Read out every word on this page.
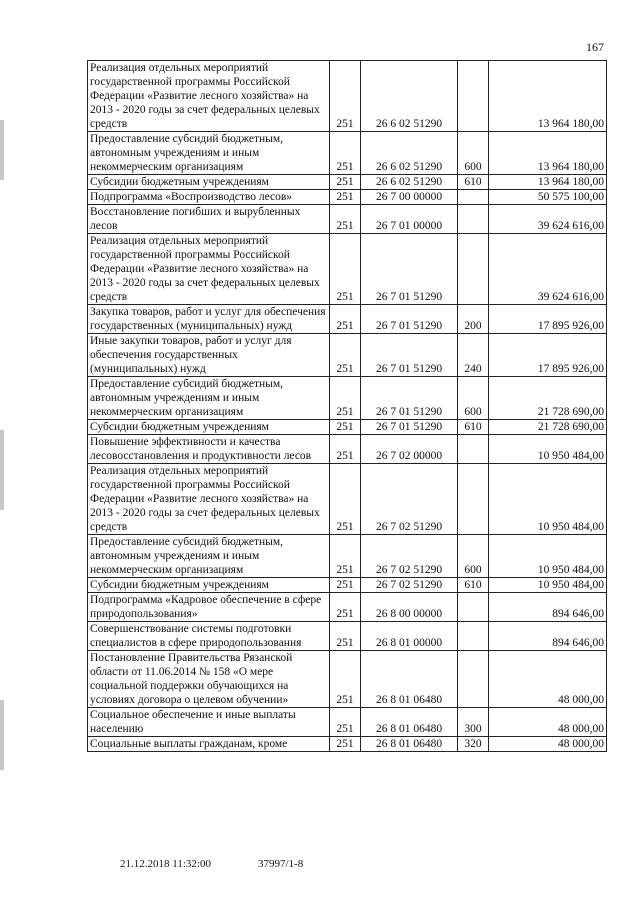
167
Реализация отдельных мероприятий государственной программы Российской Федерации «Развитие лесного хозяйства» на 2013 - 2020 годы за счет федеральных целевых средств	251	26 6 02 51290		13 964 180,00
Предоставление субсидий бюджетным, автономным учреждениям и иным некоммерческим организациям	251	26 6 02 51290	600	13 964 180,00
Субсидии бюджетным учреждениям	251	26 6 02 51290	610	13 964 180,00
Подпрограмма «Воспроизводство лесов»	251	26 7 00 00000		50 575 100,00
Восстановление погибших и вырубленных лесов	251	26 7 01 00000		39 624 616,00
Реализация отдельных мероприятий государственной программы Российской Федерации «Развитие лесного хозяйства» на 2013 - 2020 годы за счет федеральных целевых средств	251	26 7 01 51290		39 624 616,00
Закупка товаров, работ и услуг для обеспечения государственных (муниципальных) нужд	251	26 7 01 51290	200	17 895 926,00
Иные закупки товаров, работ и услуг для обеспечения государственных (муниципальных) нужд	251	26 7 01 51290	240	17 895 926,00
Предоставление субсидий бюджетным, автономным учреждениям и иным некоммерческим организациям	251	26 7 01 51290	600	21 728 690,00
Субсидии бюджетным учреждениям	251	26 7 01 51290	610	21 728 690,00
Повышение эффективности и качества лесовосстановления и продуктивности лесов	251	26 7 02 00000		10 950 484,00
Реализация отдельных мероприятий государственной программы Российской Федерации «Развитие лесного хозяйства» на 2013 - 2020 годы за счет федеральных целевых средств	251	26 7 02 51290		10 950 484,00
Предоставление субсидий бюджетным, автономным учреждениям и иным некоммерческим организациям	251	26 7 02 51290	600	10 950 484,00
Субсидии бюджетным учреждениям	251	26 7 02 51290	610	10 950 484,00
Подпрограмма «Кадровое обеспечение в сфере природопользования»	251	26 8 00 00000		894 646,00
Совершенствование системы подготовки специалистов в сфере природопользования	251	26 8 01 00000		894 646,00
Постановление Правительства Рязанской области от 11.06.2014 № 158 «О мере социальной поддержки обучающихся на условиях договора о целевом обучении»	251	26 8 01 06480		48 000,00
Социальное обеспечение и иные выплаты населению	251	26 8 01 06480	300	48 000,00
Социальные выплаты гражданам, кроме	251	26 8 01 06480	320	48 000,00
21.12.2018 11:32:00	37997/1-8
